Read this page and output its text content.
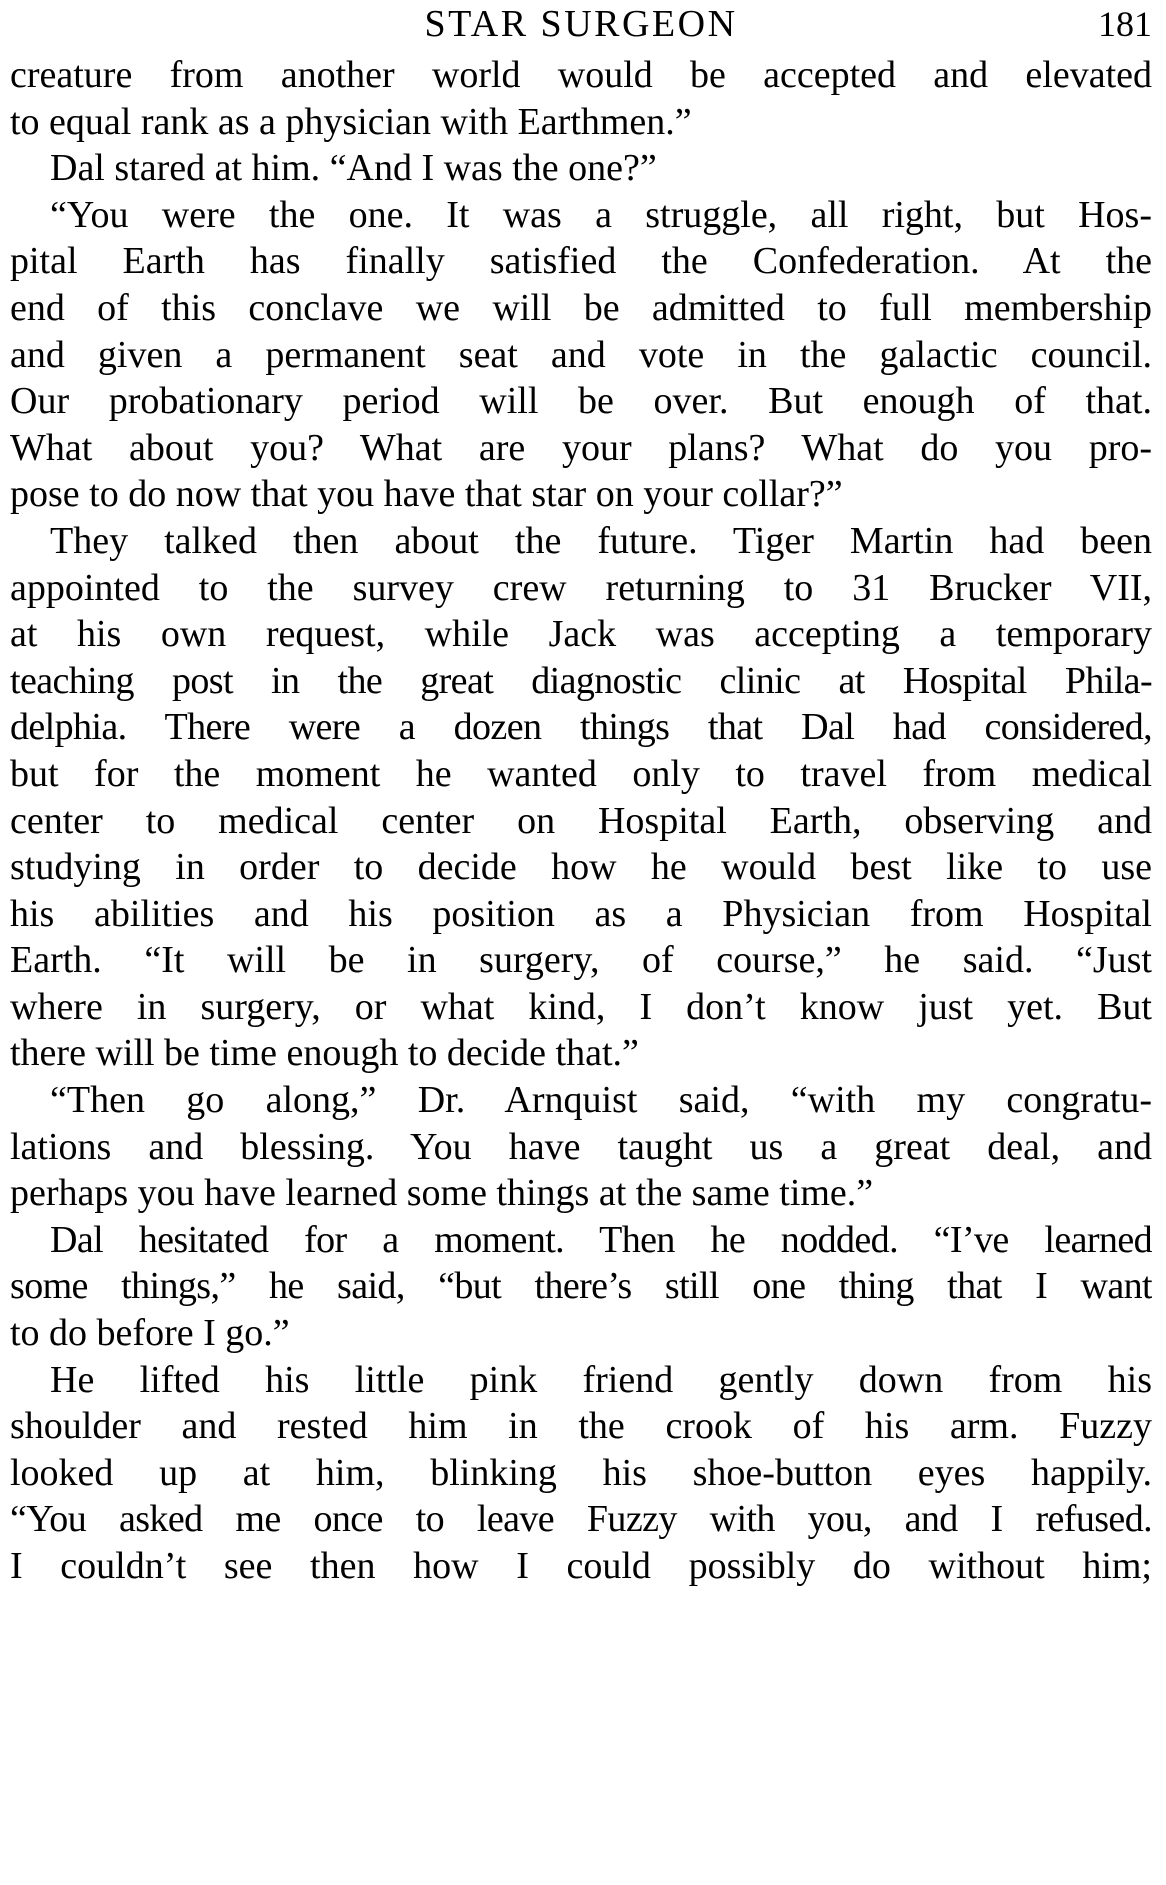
STAR SURGEON	181
creature from another world would be accepted and elevated
to equal rank as a physician with Earthmen.”
Dal stared at him. “And I was the one?”
“You were the one. It was a struggle, all right, but Hos-
pital Earth has finally satisfied the Confederation. At the
end of this conclave we will be admitted to full membership
and given a permanent seat and vote in the galactic council.
Our probationary period will be over. But enough of that.
What about you? What are your plans? What do you pro-
pose to do now that you have that star on your collar?”
They talked then about the future. Tiger Martin had been
appointed to the survey crew returning to 31 Brucker VII,
at his own request, while Jack was accepting a temporary
teaching post in the great diagnostic clinic at Hospital Phila-
delphia. There were a dozen things that Dal had considered,
but for the moment he wanted only to travel from medical
center to medical center on Hospital Earth, observing and
studying in order to decide how he would best like to use
his abilities and his position as a Physician from Hospital
Earth. “It will be in surgery, of course,” he said. “Just
where in surgery, or what kind, I don’t know just yet. But
there will be time enough to decide that.”
“Then go along,” Dr. Arnquist said, “with my congratu-
lations and blessing. You have taught us a great deal, and
perhaps you have learned some things at the same time.”
Dal hesitated for a moment. Then he nodded. “I’ve learned
some things,” he said, “but there’s still one thing that I want
to do before I go.”
He lifted his little pink friend gently down from his
shoulder and rested him in the crook of his arm. Fuzzy
looked up at him, blinking his shoe-button eyes happily.
“You asked me once to leave Fuzzy with you, and I refused.
I couldn’t see then how I could possibly do without him;
